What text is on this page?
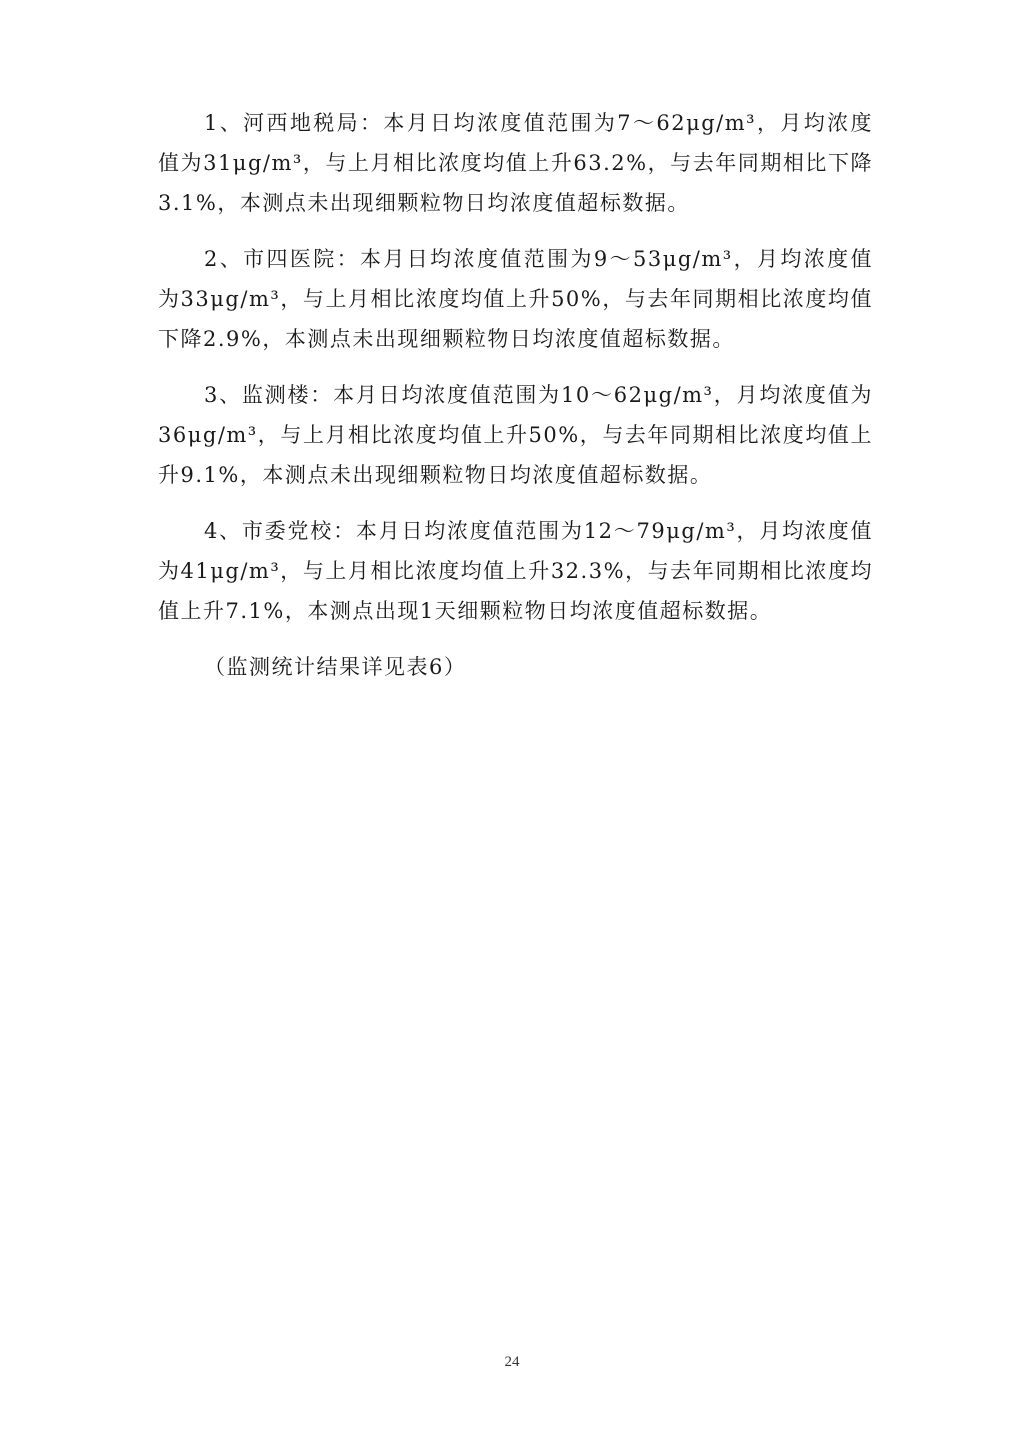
1、河西地税局：本月日均浓度值范围为7～62μg/m³，月均浓度值为31μg/m³，与上月相比浓度均值上升63.2%，与去年同期相比下降3.1%，本测点未出现细颗粒物日均浓度值超标数据。

2、市四医院：本月日均浓度值范围为9～53μg/m³，月均浓度值为33μg/m³，与上月相比浓度均值上升50%，与去年同期相比浓度均值下降2.9%，本测点未出现细颗粒物日均浓度值超标数据。

3、监测楼：本月日均浓度值范围为10～62μg/m³，月均浓度值为36μg/m³，与上月相比浓度均值上升50%，与去年同期相比浓度均值上升9.1%，本测点未出现细颗粒物日均浓度值超标数据。

4、市委党校：本月日均浓度值范围为12～79μg/m³，月均浓度值为41μg/m³，与上月相比浓度均值上升32.3%，与去年同期相比浓度均值上升7.1%，本测点出现1天细颗粒物日均浓度值超标数据。

（监测统计结果详见表6）

24
